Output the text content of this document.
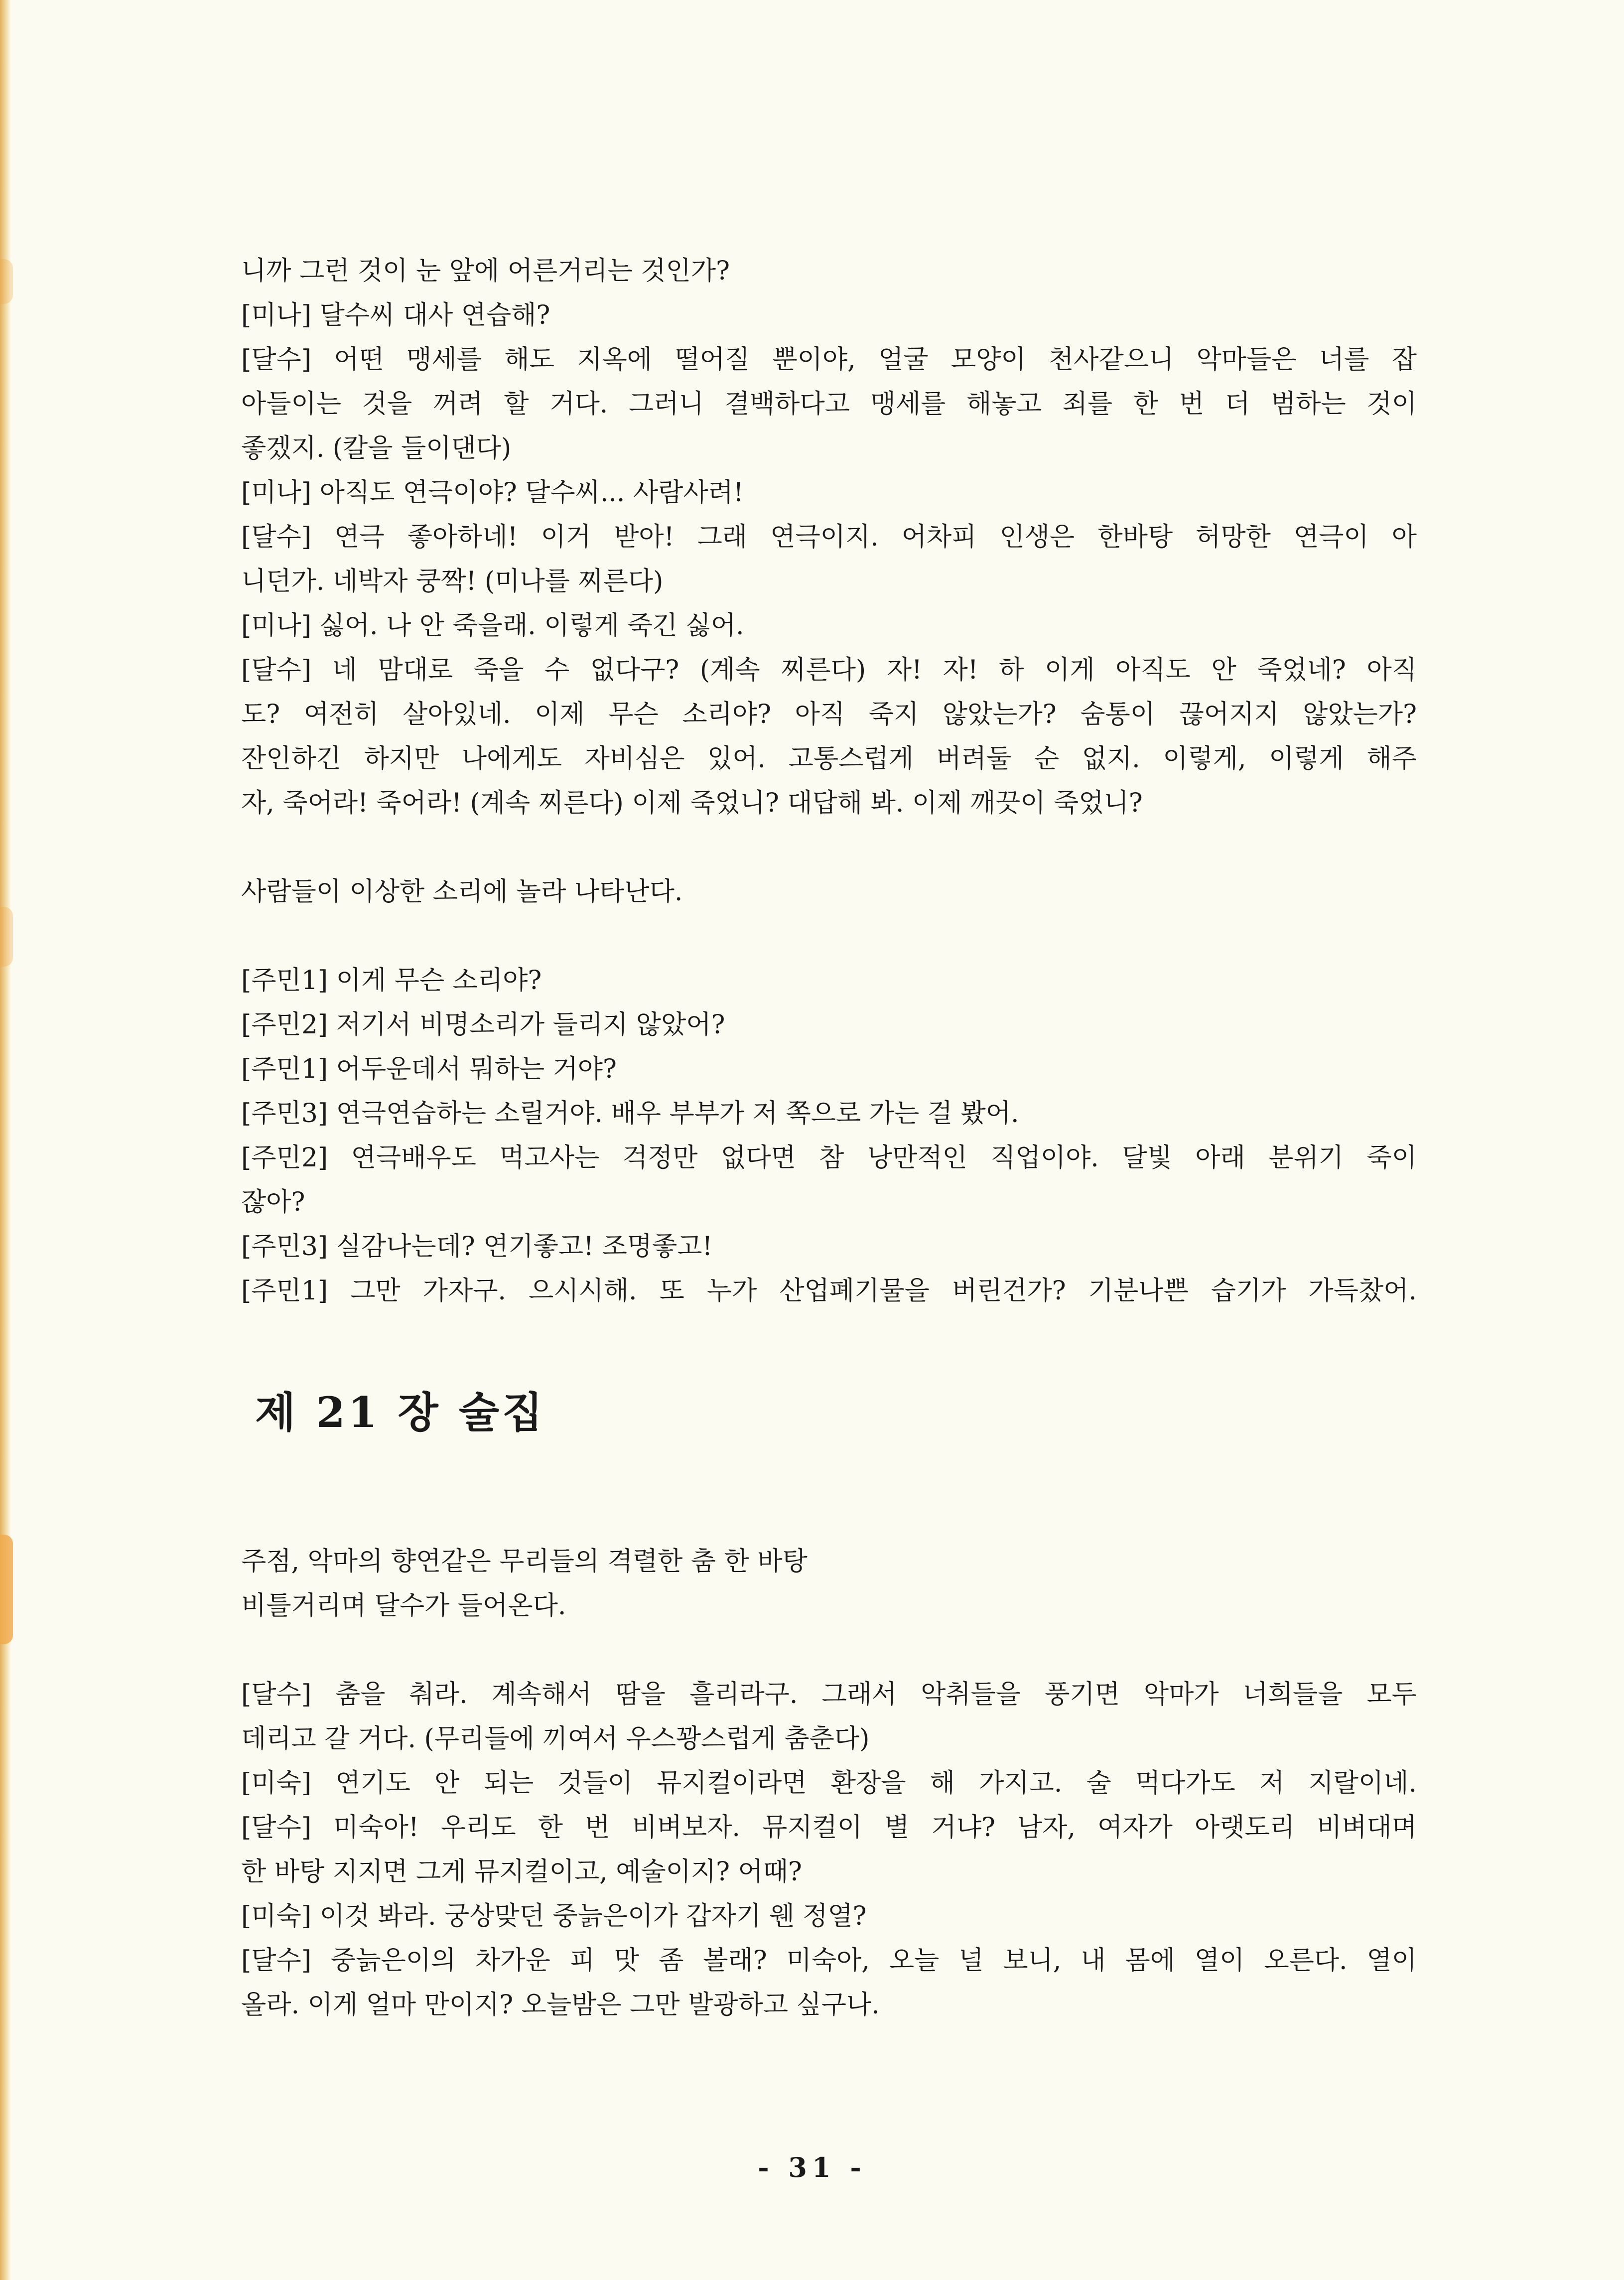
니까 그런 것이 눈 앞에 어른거리는 것인가?
[미나] 달수씨 대사 연습해?
[달수] 어떤 맹세를 해도 지옥에 떨어질 뿐이야, 얼굴 모양이 천사같으니 악마들은 너를 잡
아들이는 것을 꺼려 할 거다. 그러니 결백하다고 맹세를 해놓고 죄를 한 번 더 범하는 것이
좋겠지. (칼을 들이댄다)
[미나] 아직도 연극이야? 달수씨... 사람사려!
[달수] 연극 좋아하네! 이거 받아! 그래 연극이지. 어차피 인생은 한바탕 허망한 연극이 아
니던가. 네박자 쿵짝! (미나를 찌른다)
[미나] 싫어. 나 안 죽을래. 이렇게 죽긴 싫어.
[달수] 네 맘대로 죽을 수 없다구? (계속 찌른다) 자! 자! 하 이게 아직도 안 죽었네? 아직
도? 여전히 살아있네. 이제 무슨 소리야? 아직 죽지 않았는가? 숨통이 끊어지지 않았는가?
잔인하긴 하지만 나에게도 자비심은 있어. 고통스럽게 버려둘 순 없지. 이렇게, 이렇게 해주
자, 죽어라! 죽어라! (계속 찌른다) 이제 죽었니? 대답해 봐. 이제 깨끗이 죽었니?
사람들이 이상한 소리에 놀라 나타난다.
[주민1] 이게 무슨 소리야?
[주민2] 저기서 비명소리가 들리지 않았어?
[주민1] 어두운데서 뭐하는 거야?
[주민3] 연극연습하는 소릴거야. 배우 부부가 저 쪽으로 가는 걸 봤어.
[주민2] 연극배우도 먹고사는 걱정만 없다면 참 낭만적인 직업이야. 달빛 아래 분위기 죽이
잖아?
[주민3] 실감나는데? 연기좋고! 조명좋고!
[주민1] 그만 가자구. 으시시해. 또 누가 산업폐기물을 버린건가? 기분나쁜 습기가 가득찼어.
제 21 장 술집
주점, 악마의 향연같은 무리들의 격렬한 춤 한 바탕
비틀거리며 달수가 들어온다.
[달수] 춤을 춰라. 계속해서 땀을 흘리라구. 그래서 악취들을 풍기면 악마가 너희들을 모두
데리고 갈 거다. (무리들에 끼여서 우스꽝스럽게 춤춘다)
[미숙] 연기도 안 되는 것들이 뮤지컬이라면 환장을 해 가지고. 술 먹다가도 저 지랄이네.
[달수] 미숙아! 우리도 한 번 비벼보자. 뮤지컬이 별 거냐? 남자, 여자가 아랫도리 비벼대며
한 바탕 지지면 그게 뮤지컬이고, 예술이지? 어때?
[미숙] 이것 봐라. 궁상맞던 중늙은이가 갑자기 웬 정열?
[달수] 중늙은이의 차가운 피 맛 좀 볼래? 미숙아, 오늘 널 보니, 내 몸에 열이 오른다. 열이
올라. 이게 얼마 만이지? 오늘밤은 그만 발광하고 싶구나.
- 31 -
